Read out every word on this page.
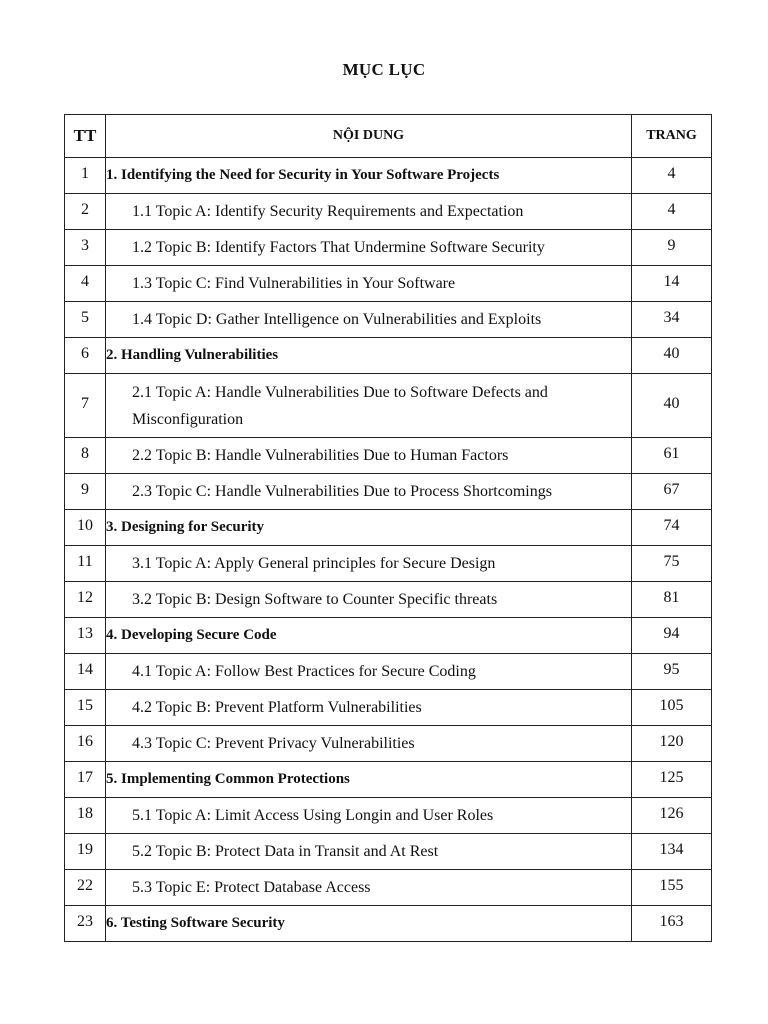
MỤC LỤC
TT	NỘI DUNG	TRANG
1	1. Identifying the Need for Security in Your Software Projects	4
2	1.1 Topic A: Identify Security Requirements and Expectation	4
3	1.2 Topic B: Identify Factors That Undermine Software Security	9
4	1.3 Topic C: Find Vulnerabilities in Your Software	14
5	1.4 Topic D: Gather Intelligence on Vulnerabilities and Exploits	34
6	2. Handling Vulnerabilities	40
7	2.1 Topic A: Handle Vulnerabilities Due to Software Defects and Misconfiguration	40
8	2.2 Topic B: Handle Vulnerabilities Due to Human Factors	61
9	2.3 Topic C: Handle Vulnerabilities Due to Process Shortcomings	67
10	3. Designing for Security	74
11	3.1 Topic A: Apply General principles for Secure Design	75
12	3.2 Topic B: Design Software to Counter Specific threats	81
13	4. Developing Secure Code	94
14	4.1 Topic A: Follow Best Practices for Secure Coding	95
15	4.2 Topic B: Prevent Platform Vulnerabilities	105
16	4.3 Topic C: Prevent Privacy Vulnerabilities	120
17	5. Implementing Common Protections	125
18	5.1 Topic A: Limit Access Using Longin and User Roles	126
19	5.2 Topic B: Protect Data in Transit and At Rest	134
22	5.3 Topic E: Protect Database Access	155
23	6. Testing Software Security	163
